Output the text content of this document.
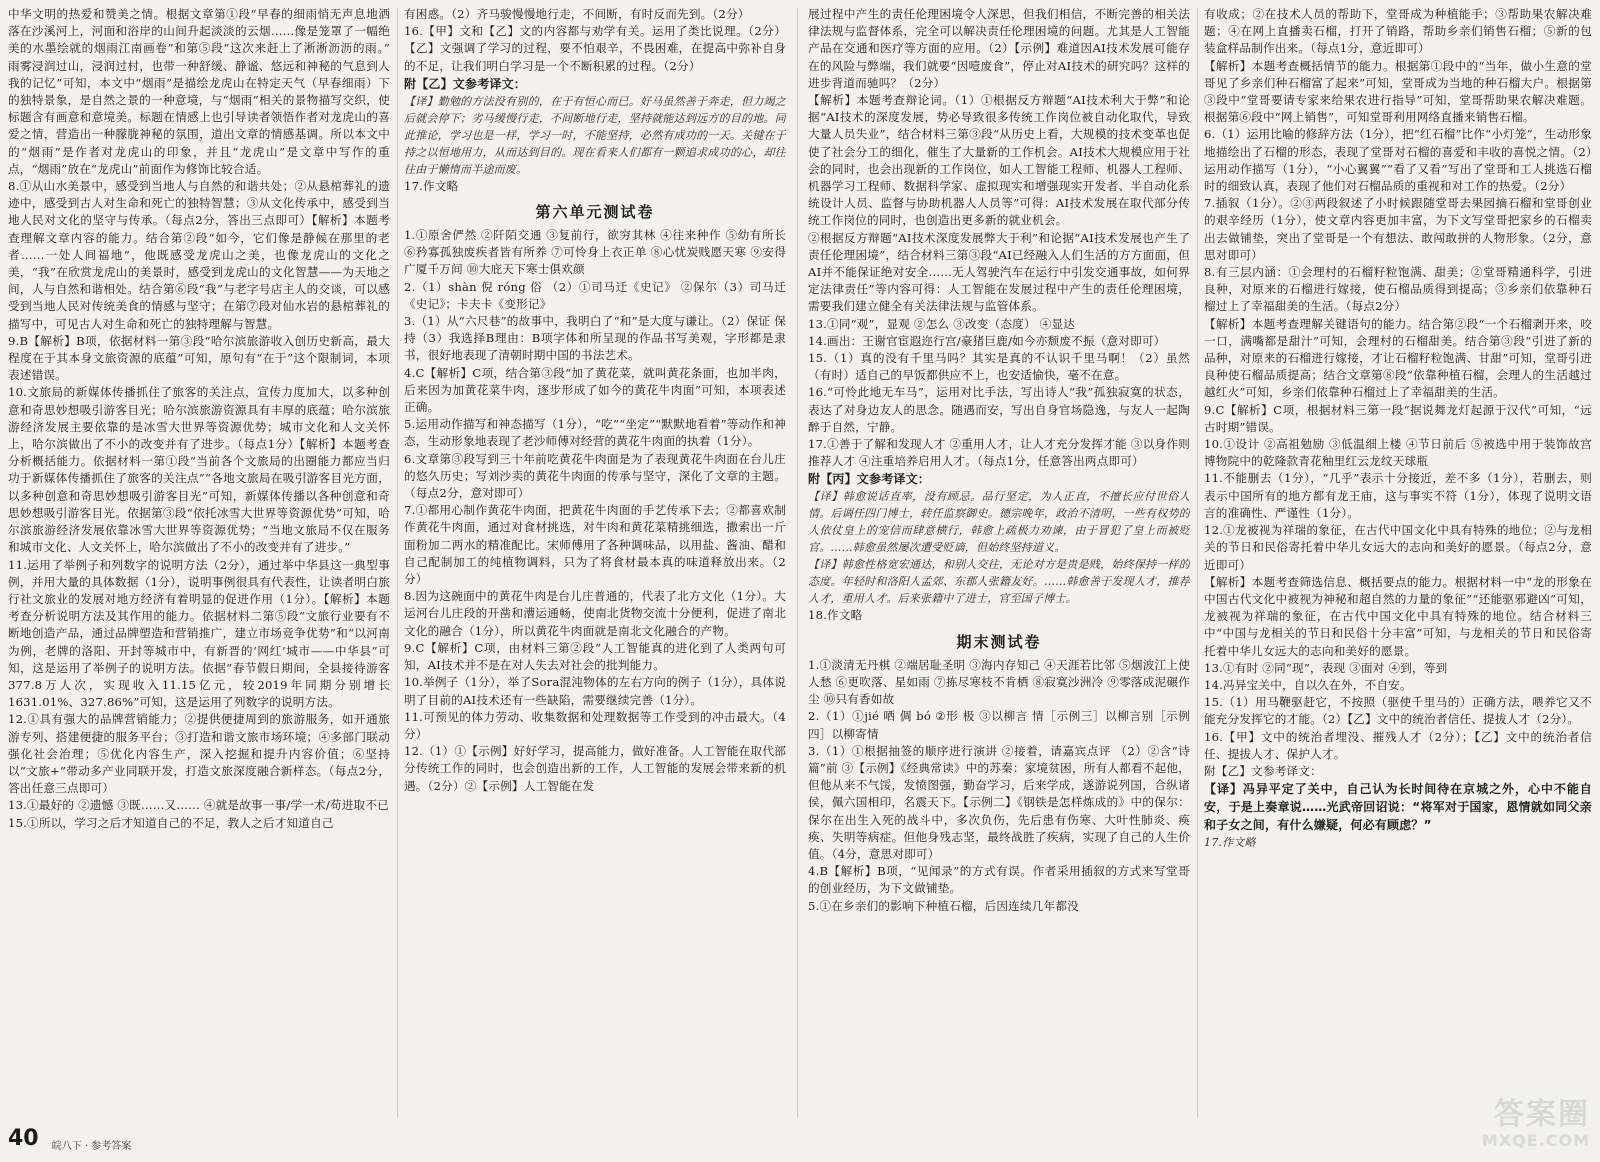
中华文明的热爱和赞美之情。根据文章第①段“早春的细雨悄无声息地洒落在沙溪河上，河面和浴岸的山间升起淡淡的云烟……像是笼罩了一幅绝美的水墨绘就的烟雨江南画卷”和第⑤段“这次来赶上了淅淅沥沥的雨。” 雨雾浸润过山，浸润过村，也带一种舒缓、静谧、悠远和神秘的气息到人我的记忆”可知，本文中“烟雨”是描绘龙虎山在特定天气（早春细雨）下的独特景象，是自然之景的一种意境，与“烟雨”相关的景物描写交织，使标题含有画意和意境美。标题在情感上也引导读者领悟作者对龙虎山的喜爱之情，营造出一种朦胧神秘的氛围，道出文章的情感基调。所以本文中的“烟雨”是作者对龙虎山的印象，并且“龙虎山”是文章中写作的重点，“烟雨”放在“龙虎山”前面作为修饰比较合适。

8.①从山水美景中，感受到当地人与自然的和谐共处；②从悬棺葬礼的遗迹中，感受到古人对生命和死亡的独特智慧；③从文化传承中，感受到当地人民对文化的坚守与传承。（每点2分，答出三点即可）【解析】本题考查理解文章内容的能力。结合第②段“如今，它们像是静候在那里的老者……一处人间福地”，他既感受龙虎山之美，也像龙虎山的文化之美，“我”在欣赏龙虎山的美景时，感受到龙虎山的文化智慧——为天地之间，人与自然和谐相处。结合第⑥段“我”与老字号店主人的交谈，可以感受到当地人民对传统美食的情感与坚守；在第⑦段对仙水岩的悬棺葬礼的描写中，可见古人对生命和死亡的独特理解与智慧。

9.B【解析】B项，依据材料一第③段“哈尔滨旅游收入创历史新高，最大程度在于其本身文旅资源的底蕴”可知，原句有“在于”这个限制词，本项表述错误。

10.文旅局的新媒体传播抓住了旅客的关注点，宣传力度加大，以多种创意和奇思妙想吸引游客目光；哈尔滨旅游资源具有丰厚的底蕴；哈尔滨旅游经济发展主要依靠的是冰雪大世界等资源优势；城市文化和人文关怀上，哈尔滨做出了不小的改变并有了进步。（每点1分）【解析】本题考查分析概括能力。依据材料一第①段“当前各个文旅局的出圈能力都应当归功于新媒体传播抓住了旅客的关注点”“各地文旅局在吸引游客目光方面，以多种创意和奇思妙想吸引游客目光”可知，新媒体传播以各种创意和奇思妙想吸引游客目光。依据第③段“依托冰雪大世界等资源优势”可知，哈尔滨旅游经济发展依靠冰雪大世界等资源优势；“当地文旅局不仅在服务和城市文化、人文关怀上，哈尔滨做出了不小的改变并有了进步。”

11.运用了举例子和列数字的说明方法（2分），通过举中华县这一典型事例，并用大量的具体数据（1分），说明事例很具有代表性，让读者明白旅行社文旅业的发展对地方经济有着明显的促进作用（1分）。【解析】本题考查分析说明方法及其作用的能力。依据材料二第⑤段“文旅行业要有不断地创造产品，通过品牌塑造和营销推广，建立市场竞争优势”和“以河南为例，老牌的洛阳、开封等城市中，有新晋的‘网红’城市——中华县”可知，这是运用了举例子的说明方法。依据“春节假日期间，全县接待游客377.8万人次，实现收入11.15亿元，较2019年同期分别增长1631.01%、327.86%”可知，这是运用了列数字的说明方法。

12.①具有强大的品牌营销能力；②提供便捷周到的旅游服务，如开通旅游专列、搭建便捷的服务平台；③打造和谐文旅市场环境；④多部门联动强化社会治理；⑤优化内容生产，深入挖掘和提升内容价值；⑥坚持以“文旅+”带动多产业同联开发，打造文旅深度融合新样态。（每点2分，答出任意三点即可）

13.①最好的 ②遗憾 ③既……又…… ④就是故事一事/学一术/苟进取不已

15.①所以，学习之后才知道自己的不足，教人之后才知道自己

有困惑。（2）齐马骏慢慢地行走，不间断，有时反而先到。（2分）

16.【甲】文和【乙】文的内容都与劝学有关。运用了类比说理。（2分）【乙】文强调了学习的过程，要不怕艰辛，不畏困难，在提高中弥补自身的不足，让我们明白学习是一个不断积累的过程。（2分）

附【乙】文参考译文：

【译】勤勉的方法没有别的，在于有恒心而已。好马虽然善于奔走，但力竭之后就会停下；劣马缓慢行走，不间断地行走，坚持就能达到远方的目的地。同此推论，学习也是一样，学习一时，不能坚持，必然有成功的一天。关键在于持之以恒地用力，从而达到目的。现在看来人们都有一颗追求成功的心，却往往由于懒惰而半途而废。

17.作文略

第六单元测试卷

1.①原舍俨然 ②阡陌交通 ③复前行，欲穷其林 ④往来种作 ⑤幼有所长 ⑥矜寡孤独废疾者皆有所养 ⑦可怜身上衣正单 ⑧心忧炭贱愿天寒 ⑨安得广厦千万间 ⑩大庇天下寒士俱欢颜

2.（1）shàn 倪 róng 俗 （2）①司马迁《史记》 ②保尔（3）司马迁《史记》；卡夫卡《变形记》

3.（1）从“六尺巷”的故事中，我明白了“和”是大度与谦让。（2）保证 保持（3）我选择B理由：B项字体和所呈现的作品书写美观，字形都是隶书，很好地表现了清朝时期中国的书法艺术。

4.C【解析】C项，结合第③段“加了黄花菜，就叫黄花条面，也加半肉，后来因为加黄花菜牛肉，逐步形成了如今的黄花牛肉面”可知，本项表述正确。

5.运用动作描写和神态描写（1分），“吃”“坐定”“默默地看着”等动作和神态，生动形象地表现了老沙师傅对经营的黄花牛肉面的执着（1分）。

6.文章第③段写到三十年前吃黄花牛肉面是为了表现黄花牛肉面在台儿庄的悠久历史；写刘沙卖的黄花牛肉面的传承与坚守，深化了文章的主题。（每点2分，意对即可）

7.①都用心制作黄花牛肉面，把黄花牛肉面的手艺传承下去；②都喜欢制作黄花牛肉面，通过对食材挑选，对牛肉和黄花菜精挑细选，撒索出一斤面粉加二两水的精准配比。宋师傅用了各种调味品，以用盐、酱油、醋和自己配制加工的纯植物调料，只为了将食材最本真的味道释放出来。（2分）

8.因为这碗面中的黄花牛肉是台儿庄普通的，代表了北方文化（1分）。大运河台儿庄段的开凿和漕运通畅，使南北货物交流十分便利，促进了南北文化的融合（1分），所以黄花牛肉面就是南北文化融合的产物。

9.C【解析】C项，由材料三第②段“人工智能真的进化到了人类两句可知，AI技术并不是在对人失去对社会的批判能力。

10.举例子（1分），举了Sora混沌物体的左右方向的例子（1分），具体说明了目前的AI技术还有一些缺陷，需要继续完善（1分）。

11.可预见的体力劳动、收集数据和处理数据等工作受到的冲击最大。（4分）

12.（1）①【示例】好好学习，提高能力，做好准备。人工智能在取代部分传统工作的同时，也会创造出新的工作，人工智能的发展会带来新的机遇。（2分）②【示例】人工智能在发

展过程中产生的责任伦理困境令人深思，但我们相信，不断完善的相关法律法规与监督体系，完全可以解决责任伦理困境的问题。尤其是人工智能产品在交通和医疗等方面的应用。（2）【示例】难道因AI技术发展可能存在的风险与弊端，我们就要“因噎废食”，停止对AI技术的研究吗？这样的进步背道而驰吗？（2分）

【解析】本题考查辩论词。（1）①根据反方辩题“AI技术利大于弊”和论据“AI技术的深度发展，势必导致很多传统工作岗位被自动化取代，导致大量人员失业”，结合材料三第③段“从历史上看，大规模的技术变革也促使了社会分工的细化，催生了大量新的工作机会。AI技术大规模应用于社会的同时，也会出现新的工作岗位，如人工智能工程师、机器人工程师、机器学习工程师、数据科学家、虚拟现实和增强现实开发者、半自动化系统设计人员、监督与协助机器人人员等”可得：AI技术发展在取代部分传统工作岗位的同时，也创造出更多新的就业机会。

②根据反方辩题“AI技术深度发展弊大于利”和论据“AI技术发展也产生了责任伦理困境”，结合材料三第③段“AI已经融入人们生活的方方面面，但AI并不能保证绝对安全……无人驾驶汽车在运行中引发交通事故，如何界定法律责任”等内容可得：人工智能在发展过程中产生的责任伦理困境，需要我们建立健全有关法律法规与监管体系。

13.①同“观”，显观 ②怎么 ③改变（态度） ④显达

14.画出：王谢官宦遐迩行宫/豪猪巨鹿/如今亦颓废不振（意对即可）

15.（1）真的没有千里马吗？其实是真的不认识千里马啊！（2）虽然（有时）适自己的早饭都供应不上，也安适愉快，毫不在意。

16.“可怜此地无车马”，运用对比手法，写出诗人“我”孤独寂寞的状态，表达了对身边友人的思念。随遇而安，写出自身官场隐逸，与友人一起陶醉于自然，宁静。

17.①善于了解和发现人才 ②重用人才，让人才充分发挥才能 ③以身作则推荐人才 ④注重培养启用人才。（每点1分，任意答出两点即可）

附【丙】文参考译文：

【译】韩愈说话直率，没有顾忌。品行坚定，为人正直，不擅长应付世俗人情。后调任四门博士，转任监察御史。德宗晚年，政治不清明，一些有权势的人依仗皇上的宠信而肆意横行，韩愈上疏极力劝谏，由于冒犯了皇上而被贬官。……韩愈虽然屡次遭受贬谪，但始终坚持道义。

【译】韩愈性格宽宏通达，和别人交往，无论对方是贵是贱，始终保持一样的态度。年轻时和洛阳人孟郊、东郡人张籍友好。……韩愈善于发现人才，推荐人才，重用人才。后来张籍中了进士，官至国子博士。

18.作文略

期末测试卷

1.①淡清无丹棋 ②端居耻圣明 ③海内存知己 ④天涯若比邻 ⑤烟波江上使人愁 ⑥更吹落、星如雨 ⑦拣尽寒枝不肯栖 ⑧寂寞沙洲冷 ⑨零落成泥碾作尘 ⑩只有香如故

2.（1）①jié 哂 倜 bó ②形 极 ③以柳言 情［示例三］以柳言别［示例四］以柳寄情

3.（1）①根据抽签的顺序进行演讲 ②接着，请嘉宾点评 （2）②含“诗篇”前 ③【示例】《经典常读》中的苏秦：家境贫困，所有人都看不起他，但他从来不气馁，发愤图强，勤奋学习，后来学成，遂游说列国，合纵诸侯，佩六国相印，名震天下。【示例二】《钢铁是怎样炼成的》中的保尔：保尔在出生入死的战斗中，多次负伤，先后患有伤寒、大叶性肺炎、痪痪、失明等病症。但他身残志坚，最终战胜了疾病，实现了自己的人生价值。（4分，意思对即可）

4.B【解析】B项，“见闻录”的方式有误。作者采用插叙的方式来写堂哥的创业经历，为下文做铺垫。

5.①在乡亲们的影响下种植石榴，后因连续几年都没

有收成；②在技术人员的帮助下，堂哥成为种植能手；③帮助果农解决难题；④在网上直播卖石榴，打开了销路，帮助乡亲们销售石榴；⑤新的包装盒样品制作出来。（每点1分，意近即可）

【解析】本题考查概括情节的能力。根据第①段中的“当年，做小生意的堂哥见了乡亲们种石榴富了起来”可知，堂哥成为当地的种石榴大户。根据第③段中“堂哥要请专家来给果农进行指导”可知，堂哥帮助果农解决难题。根据第⑥段中“网上销售”，可知堂哥利用网络直播来销售石榴。

6.（1）运用比喻的修辞方法（1分），把“红石榴”比作“小灯笼”，生动形象地描绘出了石榴的形态，表现了堂哥对石榴的喜爱和丰收的喜悦之情。（2）运用动作描写（1分），“小心翼翼”“看了又看”写出了堂哥和工人挑选石榴时的细致认真，表现了他们对石榴品质的重视和对工作的热爱。（2分）

7.插叙（1分）。②③两段叙述了小时候跟随堂哥去果园摘石榴和堂哥创业的艰辛经历（1分），使文章内容更加丰富，为下文写堂哥把家乡的石榴卖出去做铺垫，突出了堂哥是一个有想法、敢闯敢拼的人物形象。（2分，意思对即可）

8.有三层内涵：①会理村的石榴籽粒饱满、甜美；②堂哥精通科学，引进良种，对原来的石榴进行嫁接，使石榴品质得到提高；③乡亲们依靠种石榴过上了幸福甜美的生活。（每点2分）

【解析】本题考查理解关键语句的能力。结合第②段“一个石榴剥开来，咬一口，满嘴都是甜汁”可知，会理村的石榴甜美。结合第③段“引进了新的品种，对原来的石榴进行嫁接，才让石榴籽粒饱满、甘甜”可知，堂哥引进良种使石榴品质提高；结合文章第⑧段“依靠种植石榴，会理人的生活越过越红火”可知，乡亲们依靠种石榴过上了幸福甜美的生活。

9.C【解析】C项，根据材料三第一段“据说舞龙灯起源于汉代”可知，“远古时期”错误。

10.①设计 ②高祖勉励 ③低温细上楼 ④节日前后 ⑤被选中用于装饰故宫博物院中的乾隆款青花釉里红云龙纹天球瓶

11.不能删去（1分），“几乎”表示十分接近，差不多（1分），若删去，则表示中国所有的地方都有龙王庙，这与事实不符（1分），体现了说明文语言的准确性、严谨性（1分）。

12.①龙被视为祥瑞的象征，在古代中国文化中具有特殊的地位；②与龙相关的节日和民俗寄托着中华儿女远大的志向和美好的愿景。（每点2分，意近即可）

【解析】本题考查筛选信息、概括要点的能力。根据材料一中“龙的形象在中国古代文化中被视为神秘和超自然的力量的象征”“还能驱邪避凶”可知，龙被视为祥瑞的象征，在古代中国文化中具有特殊的地位。结合材料三中“中国与龙相关的节日和民俗十分丰富”可知，与龙相关的节日和民俗寄托着中华儿女远大的志向和美好的愿景。

13.①有时 ②同“现”，表现 ③面对 ④到，等到

14.冯异宝关中，自以久在外，不自安。

15.（1）用马鞭驱赶它，不按照（驱使千里马的）正确方法，喂养它又不能充分发挥它的才能。（2）【乙】文中的统治者信任、提拔人才（2分）。

16.【甲】文中的统治者埋没、摧残人才（2分）；【乙】文中的统治者信任、提拔人才、保护人才。

附【乙】文参考译文：

【译】冯异平定了关中，自己认为长时间待在京城之外，心中不能自安，于是上奏章说……光武帝回诏说：“将军对于国家，恩情就如同父亲和子女之间，有什么嫌疑，何必有顾虑？”

17.作文略

40 皖八下 · 参考答案
答案圈
MXQE.COM
